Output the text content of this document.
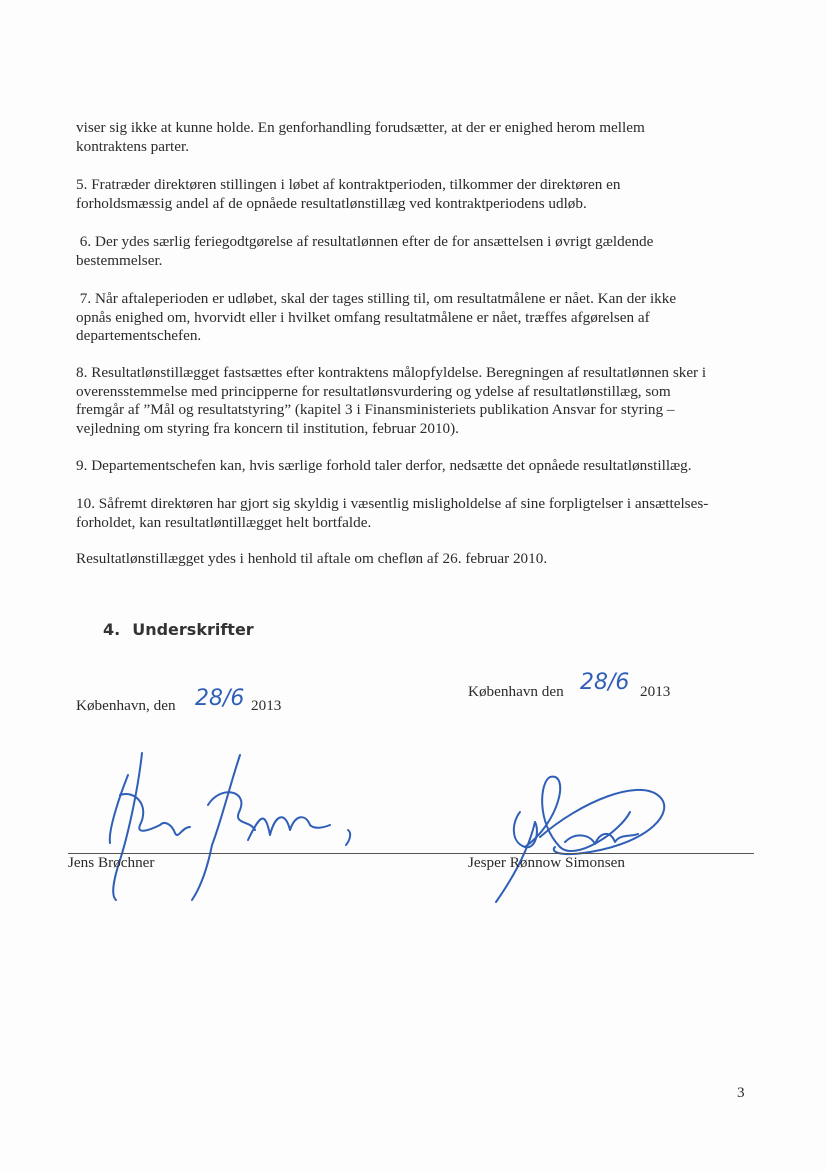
viser sig ikke at kunne holde. En genforhandling forudsætter, at der er enighed herom mellem
kontraktens parter.

5. Fratræder direktøren stillingen i løbet af kontraktperioden, tilkommer der direktøren en
forholdsmæssig andel af de opnåede resultatlønstillæg ved kontraktperiodens udløb.

6. Der ydes særlig feriegodtgørelse af resultatlønnen efter de for ansættelsen i øvrigt gældende
bestemmelser.

7. Når aftaleperioden er udløbet, skal der tages stilling til, om resultatmålene er nået. Kan der ikke
opnås enighed om, hvorvidt eller i hvilket omfang resultatmålene er nået, træffes afgørelsen af
departementschefen.

8. Resultatlønstillægget fastsættes efter kontraktens målopfyldelse. Beregningen af resultatlønnen sker i
overensstemmelse med principperne for resultatlønsvurdering og ydelse af resultatlønstillæg, som
fremgår af ”Mål og resultatstyring” (kapitel 3 i Finansministeriets publikation Ansvar for styring –
vejledning om styring fra koncern til institution, februar 2010).

9. Departementschefen kan, hvis særlige forhold taler derfor, nedsætte det opnåede resultatlønstillæg.

10. Såfremt direktøren har gjort sig skyldig i væsentlig misligholdelse af sine forpligtelser i ansættelses-
forholdet, kan resultatløntillægget helt bortfalde.

Resultatlønstillægget ydes i henhold til aftale om chefløn af 26. februar 2010.

4. Underskrifter
København, den 28/6 2013
København den 28/6 2013
Jens Brøchner	Jesper Rønnow Simonsen
3
